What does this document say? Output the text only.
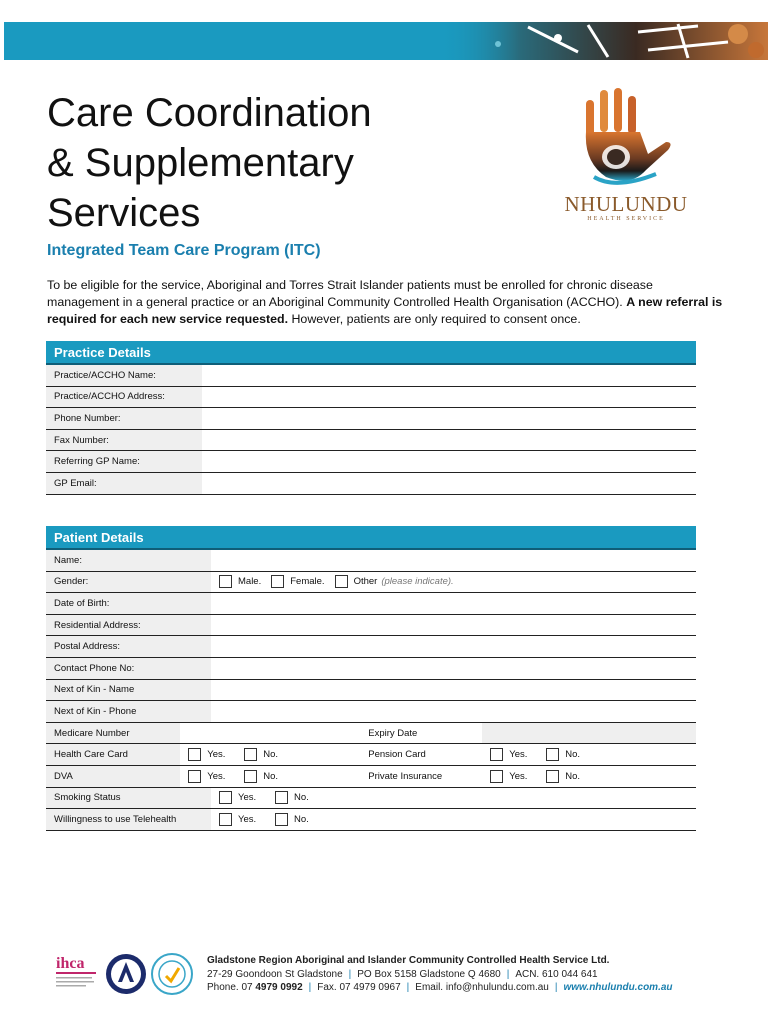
Care Coordination
& Supplementary
Services	NHULUNDU
HEALTH SERVICE
Integrated Team Care Program (ITC)
To be eligible for the service, Aboriginal and Torres Strait Islander patients must be enrolled for chronic disease management in a general practice or an Aboriginal Community Controlled Health Organisation (ACCHO). A new referral is required for each new service requested. However, patients are only required to consent once.
Practice Details
Practice/ACCHO Name:
Practice/ACCHO Address:
Phone Number:
Fax Number:
Referring GP Name:
GP Email:
Patient Details
Name:
Gender:	Male.	Female.	Other (please indicate).
Date of Birth:
Residential Address:
Postal Address:
Contact Phone No:
Next of Kin - Name
Next of Kin - Phone
Medicare Number	Expiry Date
Health Care Card	Yes.	No.	Pension Card	Yes.	No.
DVA	Yes.	No.	Private Insurance	Yes.	No.
Smoking Status	Yes.	No.
Willingness to use Telehealth	Yes.	No.
ihca	Gladstone Region Aboriginal and Islander Community Controlled Health Service Ltd.
27-29 Goondoon St Gladstone | PO Box 5158 Gladstone Q 4680 | ACN. 610 044 641
Phone. 07 4979 0992 | Fax. 07 4979 0967 | Email. info@nhulundu.com.au | www.nhulundu.com.au
